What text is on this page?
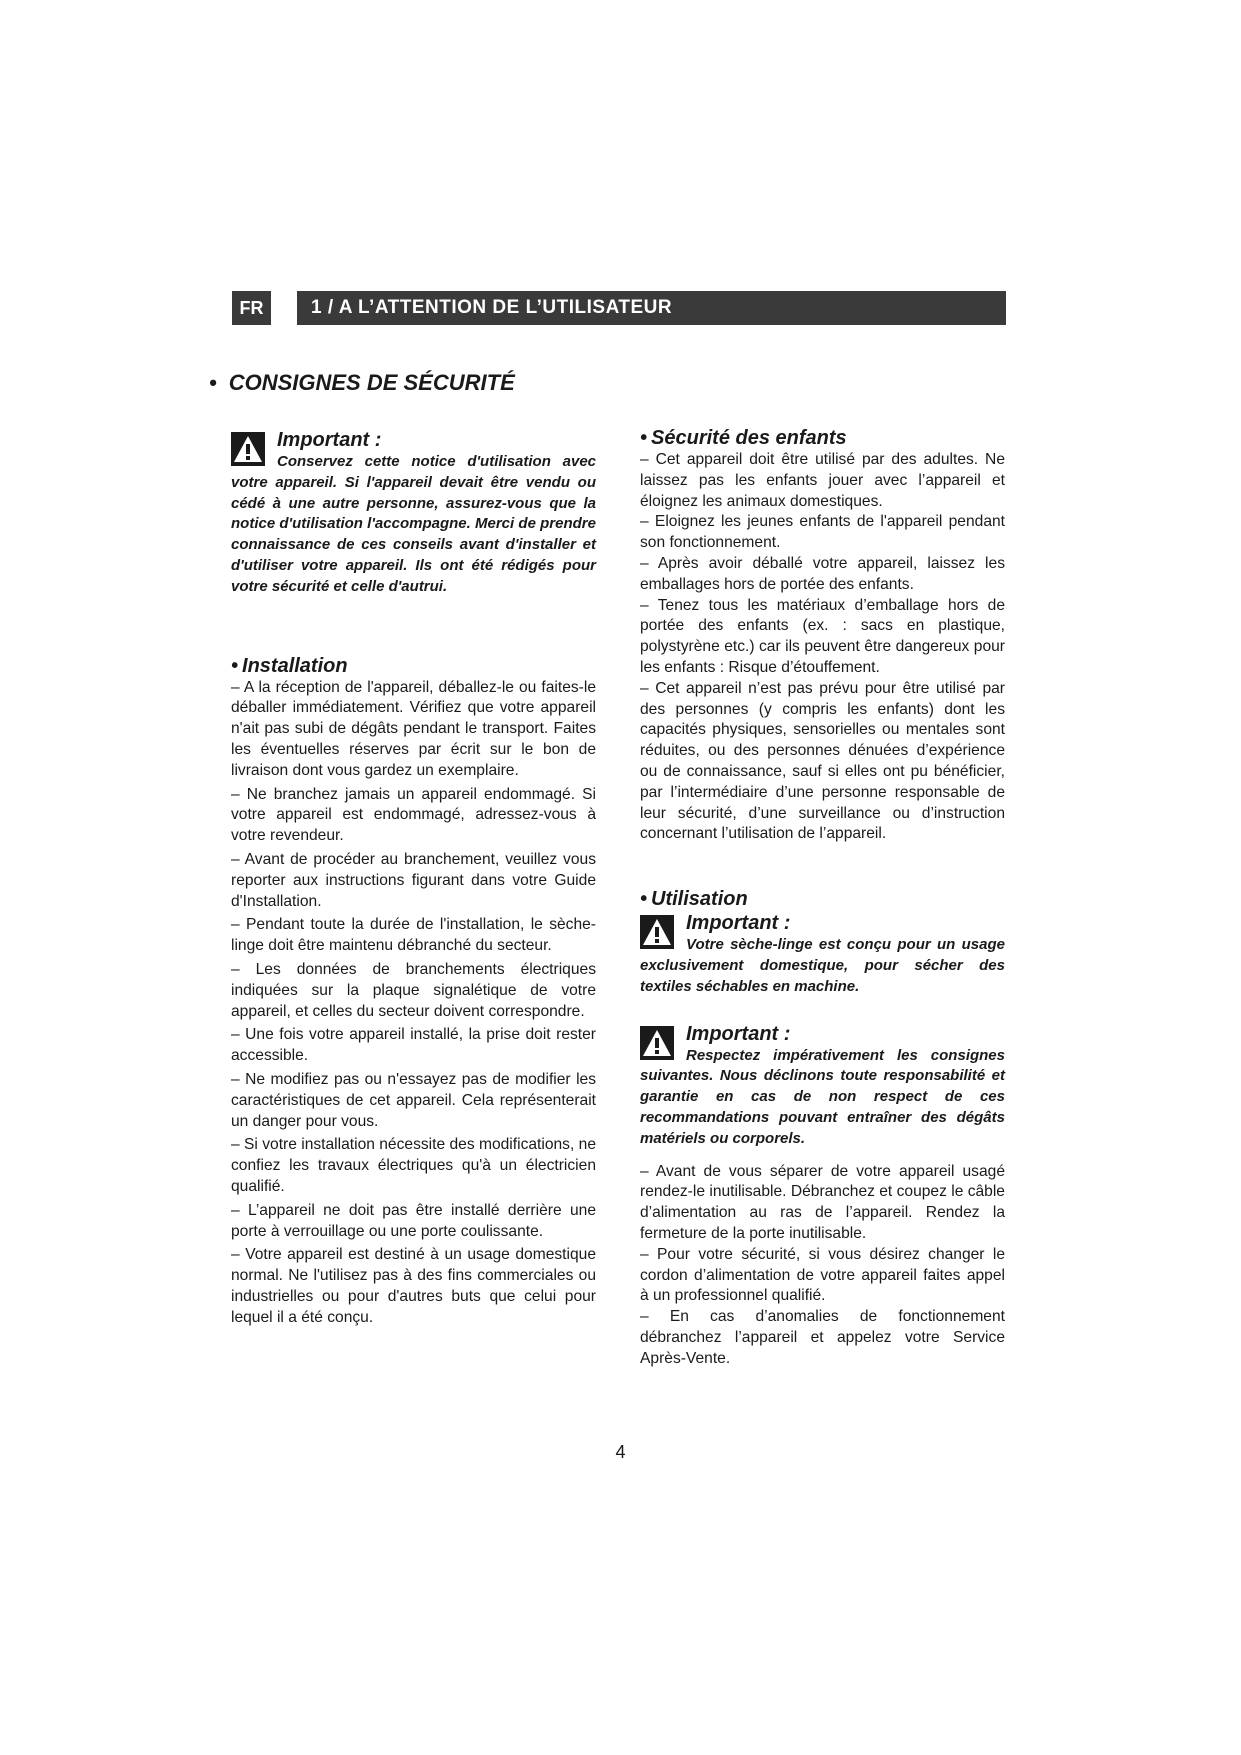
FR	1 / A L’ATTENTION DE L’UTILISATEUR
• CONSIGNES DE SÉCURITÉ
Important :
Conservez cette notice d'utilisation avec votre appareil. Si l'appareil devait être vendu ou cédé à une autre personne, assurez-vous que la notice d'utilisation l'accompagne. Merci de prendre connaissance de ces conseils avant d'installer et d'utiliser votre appareil. Ils ont été rédigés pour votre sécurité et celle d'autrui.
• Installation

– A la réception de l'appareil, déballez-le ou faites-le déballer immédiatement. Vérifiez que votre appareil n'ait pas subi de dégâts pendant le transport. Faites les éventuelles réserves par écrit sur le bon de livraison dont vous gardez un exemplaire.

– Ne branchez jamais un appareil endommagé. Si votre appareil est endommagé, adressez-vous à votre revendeur.

– Avant de procéder au branchement, veuillez vous reporter aux instructions figurant dans votre Guide d'Installation.

– Pendant toute la durée de l'installation, le sèche-linge doit être maintenu débranché du secteur.

– Les données de branchements électriques indiquées sur la plaque signalétique de votre appareil, et celles du secteur doivent correspondre.

– Une fois votre appareil installé, la prise doit rester accessible.

– Ne modifiez pas ou n'essayez pas de modifier les caractéristiques de cet appareil. Cela représenterait un danger pour vous.

– Si votre installation nécessite des modifications, ne confiez les travaux électriques qu'à un électricien qualifié.

– L’appareil ne doit pas être installé derrière une porte à verrouillage ou une porte coulissante.

– Votre appareil est destiné à un usage domestique normal. Ne l'utilisez pas à des fins commerciales ou industrielles ou pour d'autres buts que celui pour lequel il a été conçu.

• Sécurité des enfants

– Cet appareil doit être utilisé par des adultes. Ne laissez pas les enfants jouer avec l’appareil et éloignez les animaux domestiques.

– Eloignez les jeunes enfants de l'appareil pendant son fonctionnement.

– Après avoir déballé votre appareil, laissez les emballages hors de portée des enfants.

– Tenez tous les matériaux d’emballage hors de portée des enfants (ex. : sacs en plastique, polystyrène etc.) car ils peuvent être dangereux pour les enfants : Risque d’étouffement.

– Cet appareil n’est pas prévu pour être utilisé par des personnes (y compris les enfants) dont les capacités physiques, sensorielles ou mentales sont réduites, ou des personnes dénuées d’expérience ou de connaissance, sauf si elles ont pu bénéficier, par l’intermédiaire d’une personne responsable de leur sécurité, d’une surveillance ou d’instruction concernant l’utilisation de l’appareil.

• Utilisation
Important :
Votre sèche-linge est conçu pour un usage exclusivement domestique, pour sécher des textiles séchables en machine.
Important :
Respectez impérativement les consignes suivantes. Nous déclinons toute responsabilité et garantie en cas de non respect de ces recommandations pouvant entraîner des dégâts matériels ou corporels.

– Avant de vous séparer de votre appareil usagé rendez-le inutilisable. Débranchez et coupez le câble d’alimentation au ras de l’appareil. Rendez la fermeture de la porte inutilisable.

– Pour votre sécurité, si vous désirez changer le cordon d’alimentation de votre appareil faites appel à un professionnel qualifié.

– En cas d’anomalies de fonctionnement débranchez l’appareil et appelez votre Service Après-Vente.

4
